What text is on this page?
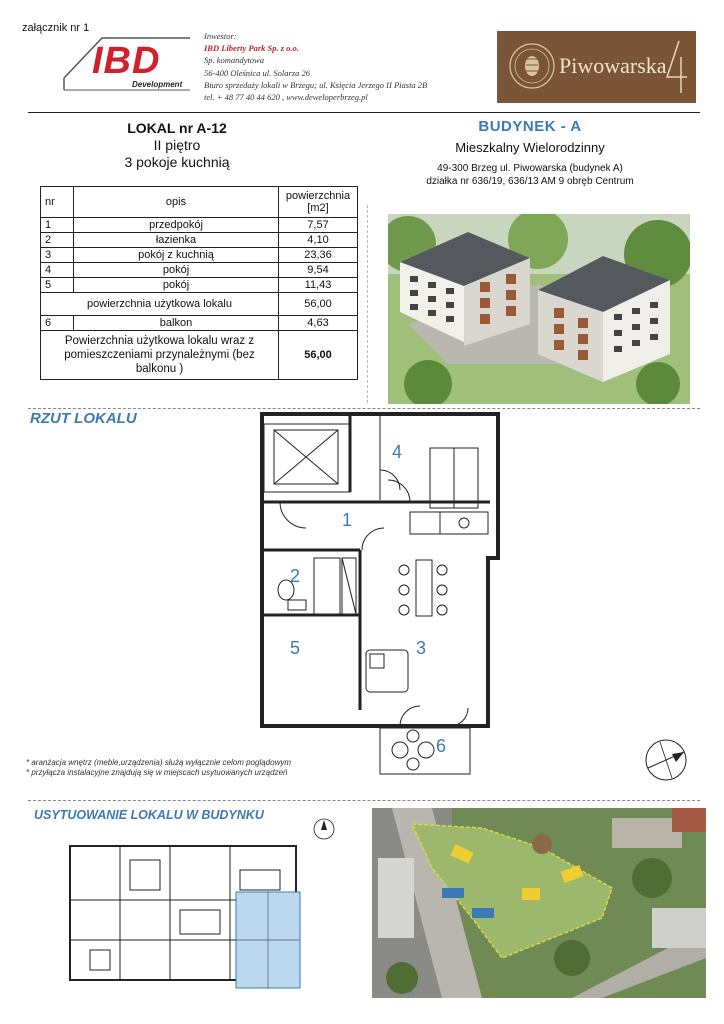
załącznik nr 1
IBD
Development
Inwestor:
IBD Liberty Park Sp. z o.o.
Sp. komandytowa
56-400 Oleśnica ul. Solarza 26
Biuro sprzedaży lokali w Brzegu; ul. Księcia Jerzego II Piasta 2B
tel. + 48 77 40 44 620 , www.deweloperbrzeg.pl
Piwowarska
LOKAL nr A-12
II piętro
3 pokoje kuchnią
nr	opis	powierzchnia [m2]
1	przedpokój	7,57
2	łazienka	4,10
3	pokój z kuchnią	23,36
4	pokój	9,54
5	pokój	11,43
powierzchnia użytkowa lokalu		56,00
6	balkon	4,63
Powierzchnia użytkowa lokalu wraz z pomieszczeniami przynależnymi (bez balkonu )		56,00
BUDYNEK - A
Mieszkalny Wielorodzinny
49-300 Brzeg ul. Piwowarska (budynek A)
działka nr 636/19, 636/13 AM 9 obręb Centrum
RZUT LOKALU
4
1
2
5	3
6
* aranżacja wnętrz (meble,urządzenia) służą wyłącznie celom poglądowym
* przyłącza instalacyjne znajdują się w miejscach usytuowanych urządzeń
USYTUOWANIE LOKALU W BUDYNKU
